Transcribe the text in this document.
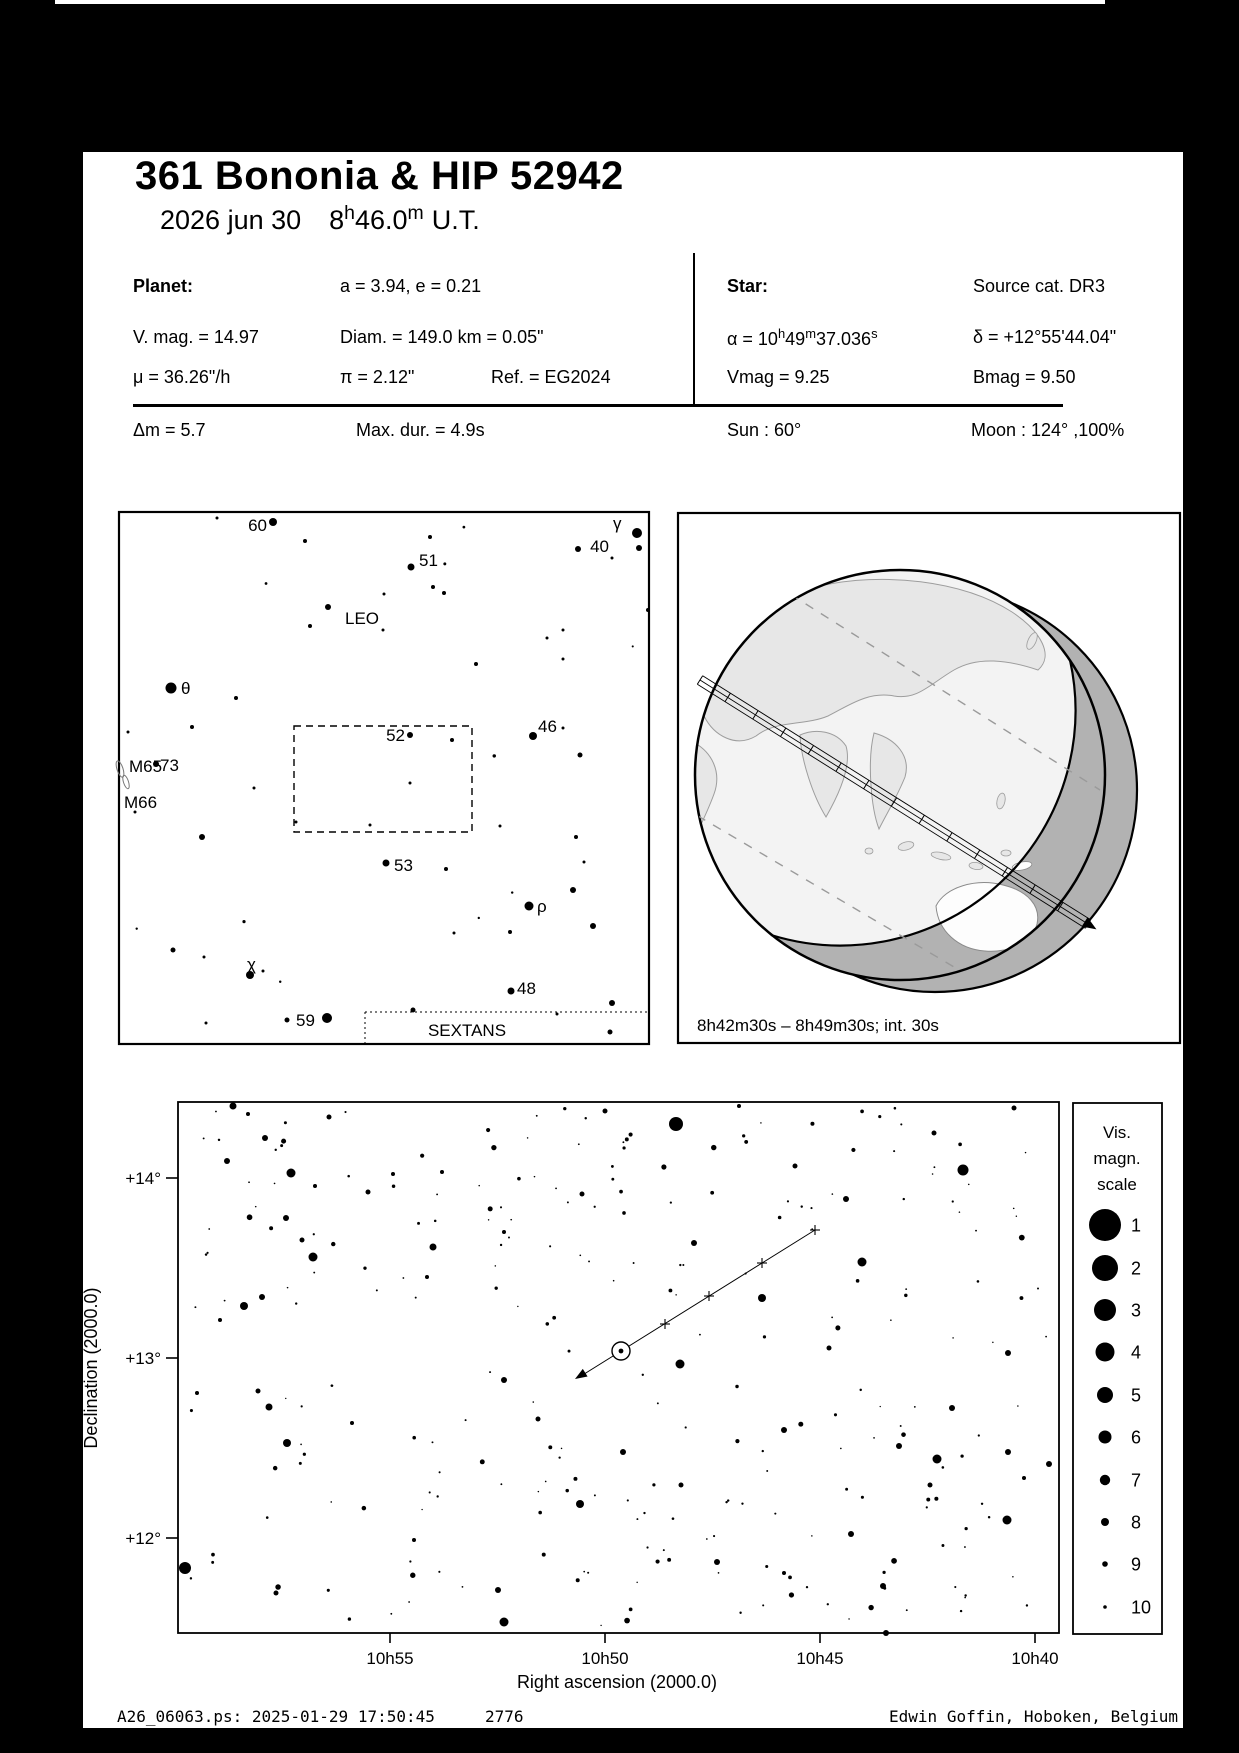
361 Bononia & HIP 52942
2026 jun 30 8$^h$46.0$^m$ U.T.
Planet:	a = 3.94, e = 0.21	Star:	Source cat. DR3
V. mag. = 14.97	Diam. = 149.0 km = 0.05"	$\alpha = 10^h49^m37.036^s$	δ = +12°55'44.04"
μ = 36.26"/h	π = 2.12"	Ref. = EG2024	Vmag = 9.25	Bmag = 9.50
Δm = 5.7	Max. dur. = 4.9s	Sun : 60°	Moon : 124° ,100%
8h42m30s – 8h49m30s; int. 30s
Right ascension (2000.0)
Declination (2000.0)
Vis.
magn.
scale
60
51
γ
40
θ
LEO
M65
73
M66
52	46
53
ρ
χ
48
59
SEXTANS
+14°
+13°
+12°
10h55	10h50	10h45	10h40
1
2
3
4
5
6
7
8
9
10
A26_06063.ps: 2025-01-29 17:50:45	2776	Edwin Goffin, Hoboken, Belgium
